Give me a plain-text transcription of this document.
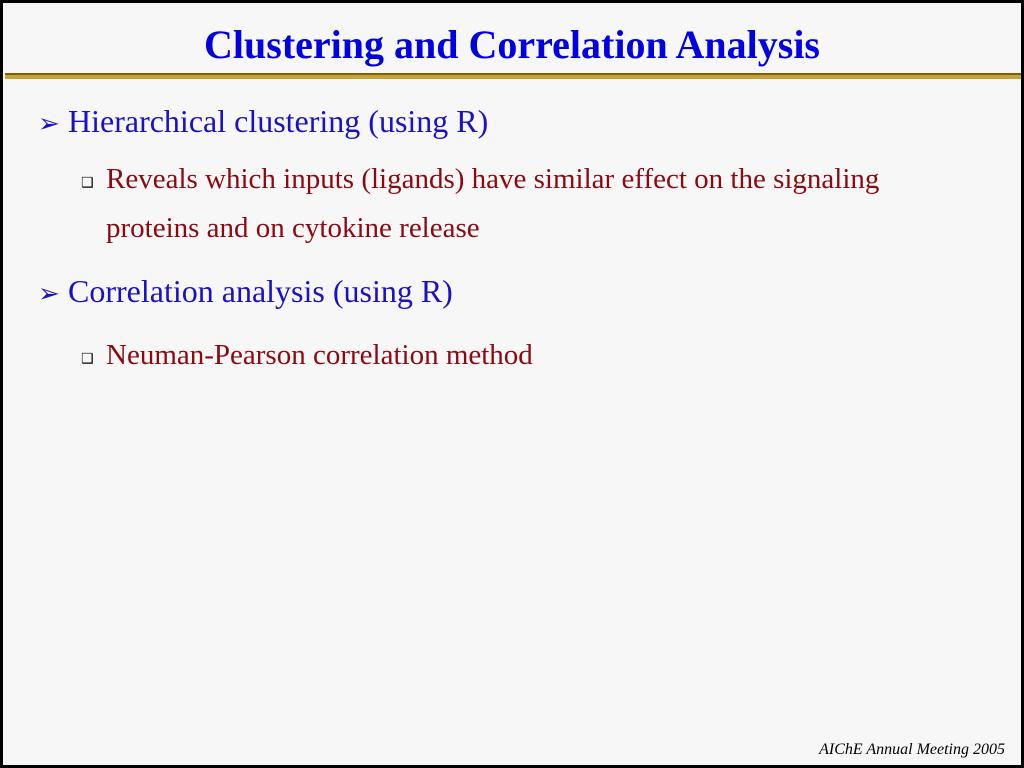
Clustering and Correlation Analysis
➢ Hierarchical clustering (using R)
❑ Reveals which inputs (ligands) have similar effect on the signaling proteins and on cytokine release
➢ Correlation analysis (using R)
❑ Neuman-Pearson correlation method
AIChE Annual Meeting 2005
